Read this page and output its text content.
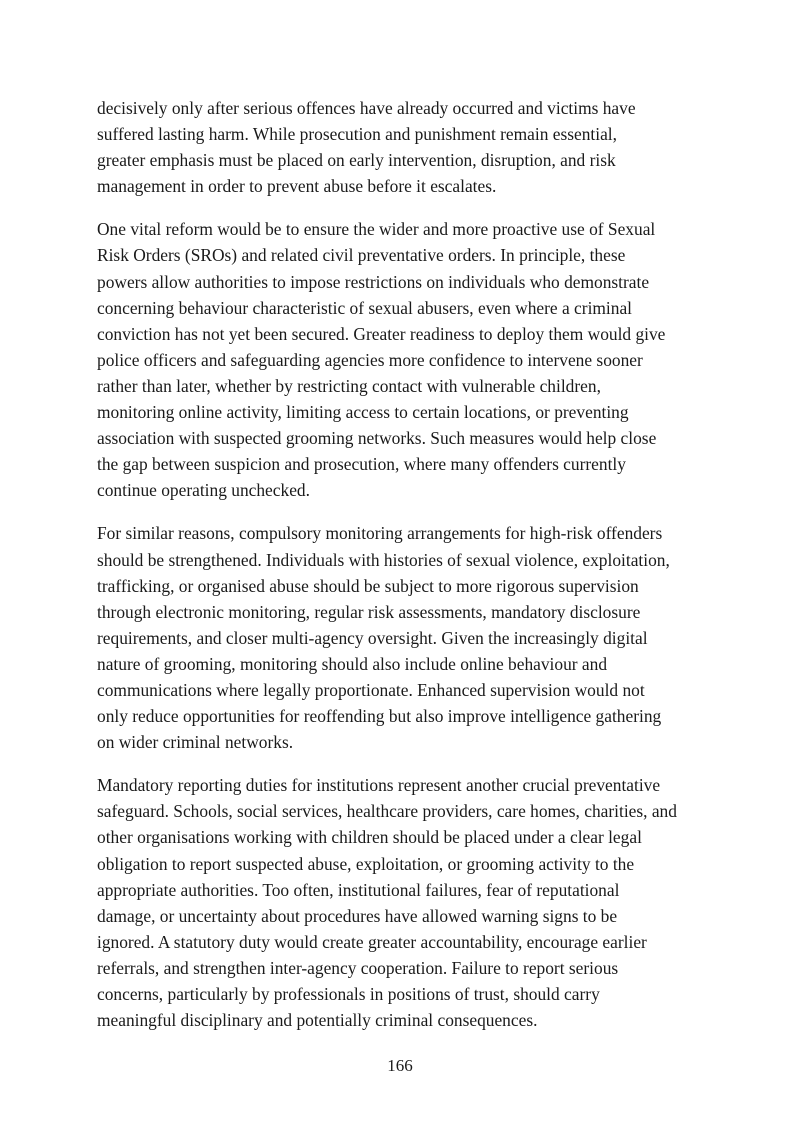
decisively only after serious offences have already occurred and victims have
suffered lasting harm. While prosecution and punishment remain essential,
greater emphasis must be placed on early intervention, disruption, and risk
management in order to prevent abuse before it escalates.

One vital reform would be to ensure the wider and more proactive use of Sexual
Risk Orders (SROs) and related civil preventative orders. In principle, these
powers allow authorities to impose restrictions on individuals who demonstrate
concerning behaviour characteristic of sexual abusers, even where a criminal
conviction has not yet been secured. Greater readiness to deploy them would give
police officers and safeguarding agencies more confidence to intervene sooner
rather than later, whether by restricting contact with vulnerable children,
monitoring online activity, limiting access to certain locations, or preventing
association with suspected grooming networks. Such measures would help close
the gap between suspicion and prosecution, where many offenders currently
continue operating unchecked.

For similar reasons, compulsory monitoring arrangements for high-risk offenders
should be strengthened. Individuals with histories of sexual violence, exploitation,
trafficking, or organised abuse should be subject to more rigorous supervision
through electronic monitoring, regular risk assessments, mandatory disclosure
requirements, and closer multi-agency oversight. Given the increasingly digital
nature of grooming, monitoring should also include online behaviour and
communications where legally proportionate. Enhanced supervision would not
only reduce opportunities for reoffending but also improve intelligence gathering
on wider criminal networks.

Mandatory reporting duties for institutions represent another crucial preventative
safeguard. Schools, social services, healthcare providers, care homes, charities, and
other organisations working with children should be placed under a clear legal
obligation to report suspected abuse, exploitation, or grooming activity to the
appropriate authorities. Too often, institutional failures, fear of reputational
damage, or uncertainty about procedures have allowed warning signs to be
ignored. A statutory duty would create greater accountability, encourage earlier
referrals, and strengthen inter-agency cooperation. Failure to report serious
concerns, particularly by professionals in positions of trust, should carry
meaningful disciplinary and potentially criminal consequences.

166
